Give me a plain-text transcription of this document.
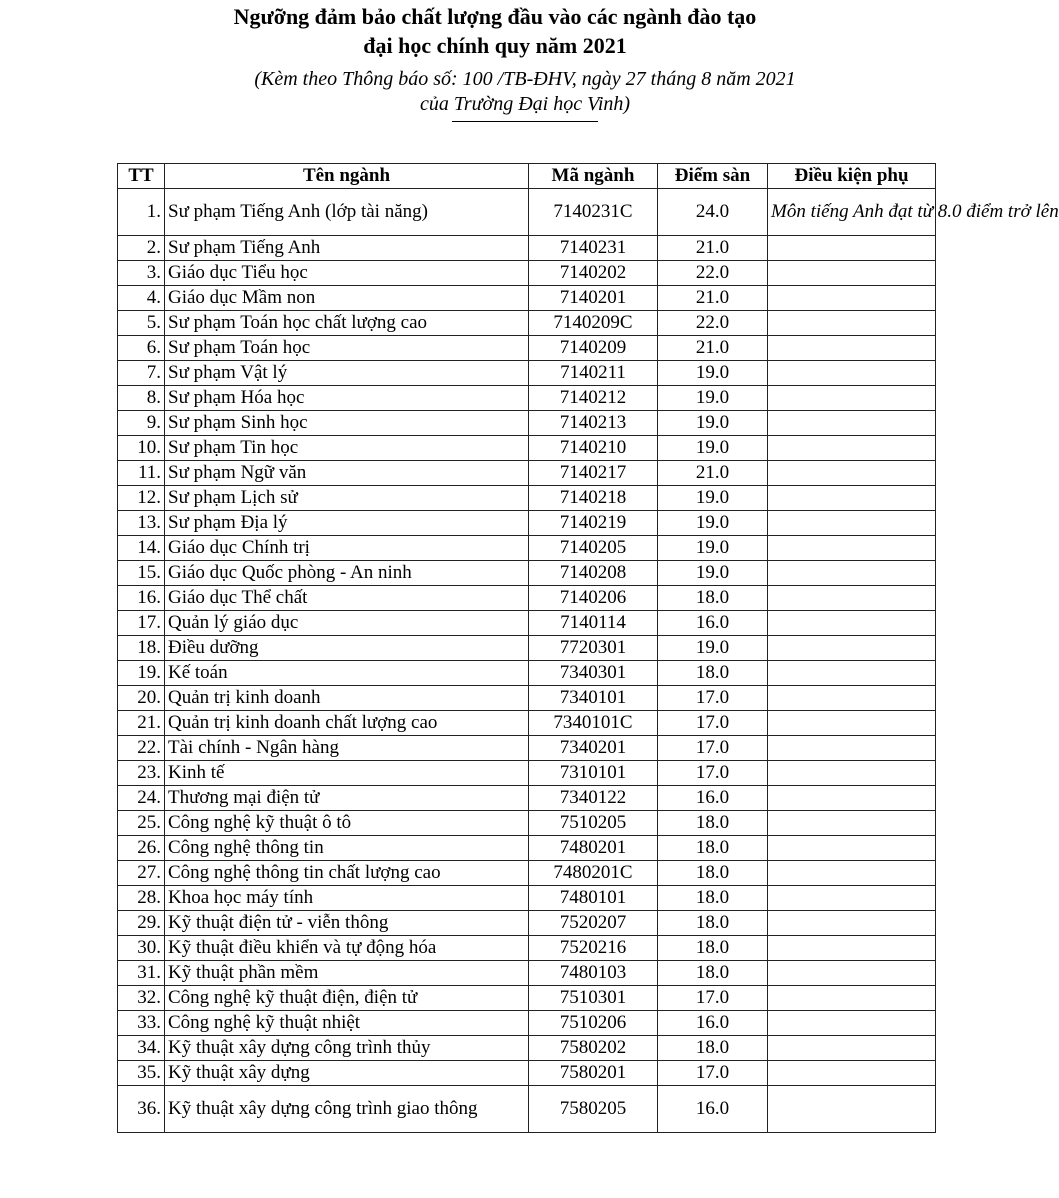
Ngưỡng đảm bảo chất lượng đầu vào các ngành đào tạo
đại học chính quy năm 2021
(Kèm theo Thông báo số: 100 /TB-ĐHV, ngày 27 tháng 8 năm 2021
của Trường Đại học Vinh)
TT	Tên ngành	Mã ngành	Điểm sàn	Điều kiện phụ
1.	Sư phạm Tiếng Anh (lớp tài năng)	7140231C	24.0	Môn tiếng Anh đạt từ 8.0 điểm trở lên
2.	Sư phạm Tiếng Anh	7140231	21.0	
3.	Giáo dục Tiểu học	7140202	22.0	
4.	Giáo dục Mầm non	7140201	21.0	
5.	Sư phạm Toán học chất lượng cao	7140209C	22.0	
6.	Sư phạm Toán học	7140209	21.0	
7.	Sư phạm Vật lý	7140211	19.0	
8.	Sư phạm Hóa học	7140212	19.0	
9.	Sư phạm Sinh học	7140213	19.0	
10.	Sư phạm Tin học	7140210	19.0	
11.	Sư phạm Ngữ văn	7140217	21.0	
12.	Sư phạm Lịch sử	7140218	19.0	
13.	Sư phạm Địa lý	7140219	19.0	
14.	Giáo dục Chính trị	7140205	19.0	
15.	Giáo dục Quốc phòng - An ninh	7140208	19.0	
16.	Giáo dục Thể chất	7140206	18.0	
17.	Quản lý giáo dục	7140114	16.0	
18.	Điều dưỡng	7720301	19.0	
19.	Kế toán	7340301	18.0	
20.	Quản trị kinh doanh	7340101	17.0	
21.	Quản trị kinh doanh chất lượng cao	7340101C	17.0	
22.	Tài chính - Ngân hàng	7340201	17.0	
23.	Kinh tế	7310101	17.0	
24.	Thương mại điện tử	7340122	16.0	
25.	Công nghệ kỹ thuật ô tô	7510205	18.0	
26.	Công nghệ thông tin	7480201	18.0	
27.	Công nghệ thông tin chất lượng cao	7480201C	18.0	
28.	Khoa học máy tính	7480101	18.0	
29.	Kỹ thuật điện tử - viễn thông	7520207	18.0	
30.	Kỹ thuật điều khiển và tự động hóa	7520216	18.0	
31.	Kỹ thuật phần mềm	7480103	18.0	
32.	Công nghệ kỹ thuật điện, điện tử	7510301	17.0	
33.	Công nghệ kỹ thuật nhiệt	7510206	16.0	
34.	Kỹ thuật xây dựng công trình thủy	7580202	18.0	
35.	Kỹ thuật xây dựng	7580201	17.0	
36.	Kỹ thuật xây dựng công trình giao thông	7580205	16.0	
